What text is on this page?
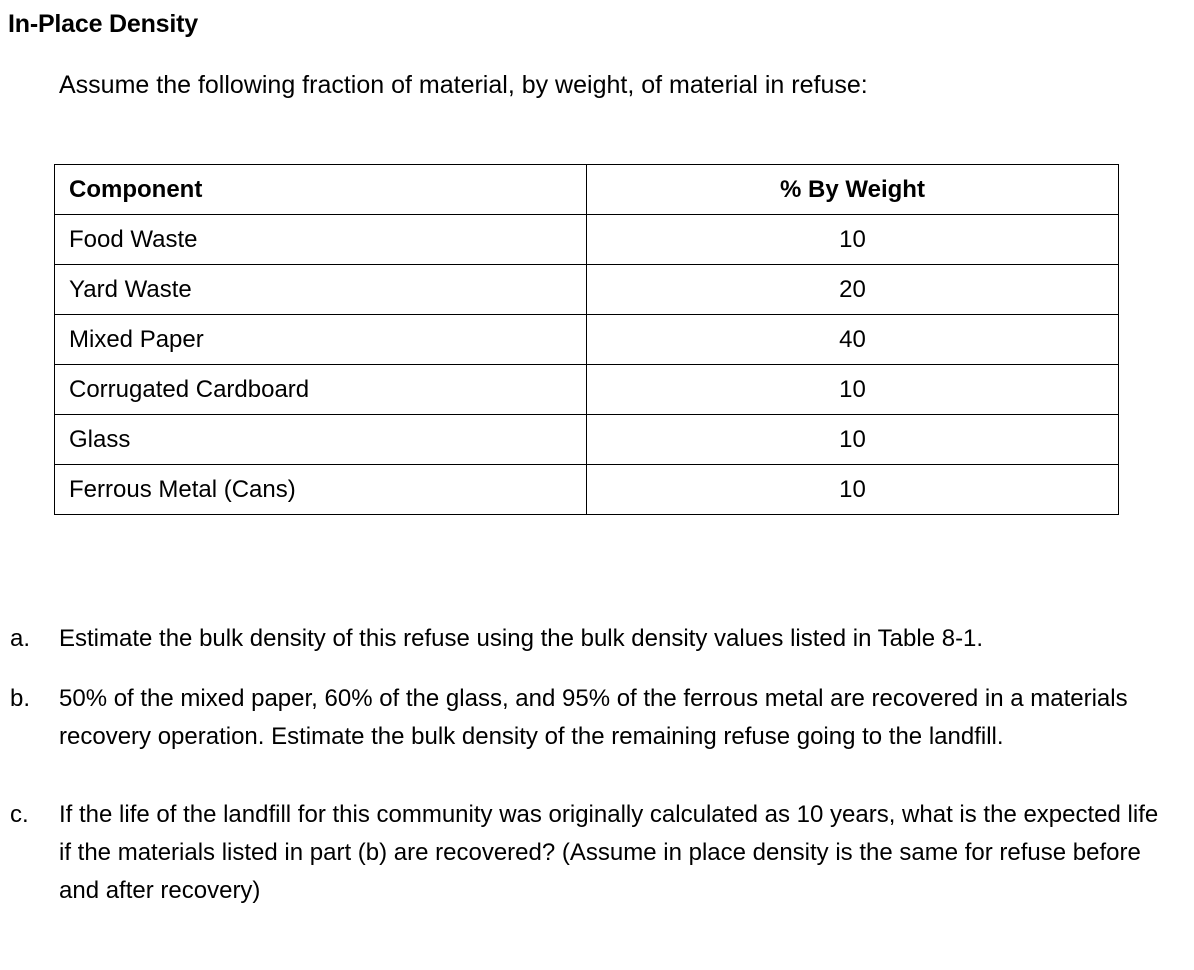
In-Place Density
Assume the following fraction of material, by weight, of material in refuse:
Component	% By Weight
Food Waste	10
Yard Waste	20
Mixed Paper	40
Corrugated Cardboard	10
Glass	10
Ferrous Metal (Cans)	10
a.	Estimate the bulk density of this refuse using the bulk density values listed in Table 8-1.
b.	50% of the mixed paper, 60% of the glass, and 95% of the ferrous metal are recovered in a materials recovery operation. Estimate the bulk density of the remaining refuse going to the landfill.
c.	If the life of the landfill for this community was originally calculated as 10 years, what is the expected life if the materials listed in part (b) are recovered? (Assume in place density is the same for refuse before and after recovery)
